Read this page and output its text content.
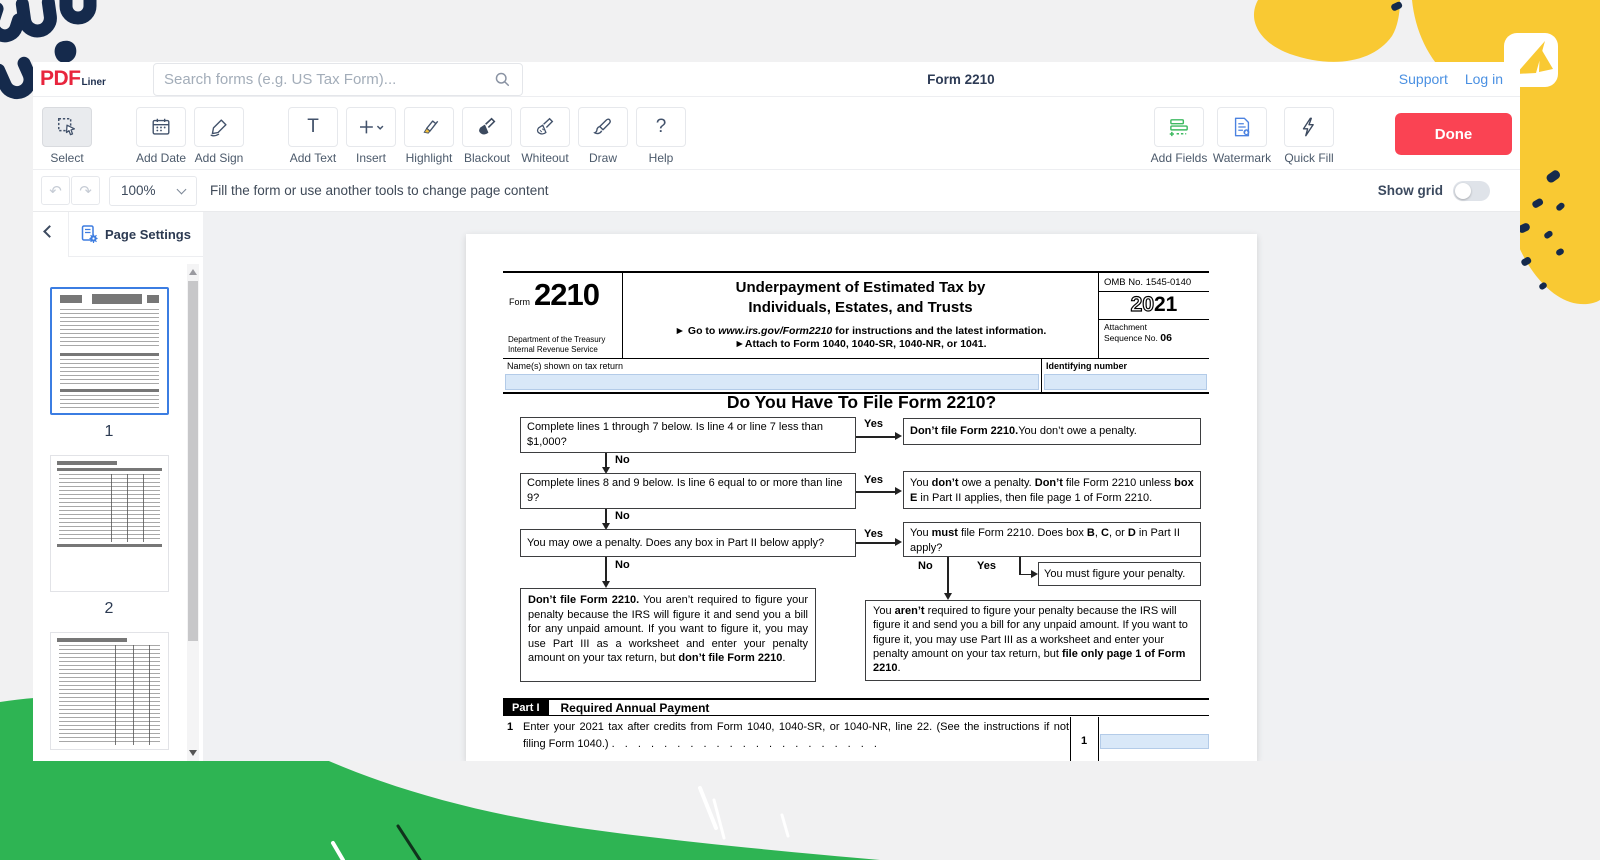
PDF Liner
Search forms (e.g. US Tax Form)...	Form 2210	Support Log in
Select	Add Date Add Sign
T
Add Text Insert Highlight Blackout Whiteout Draw
?
Help	Add Fields Watermark Quick Fill
Done
↶ ↷ 100%	Fill the form or use another tools to change page content	Show grid
Page Settings
1
2
Form 2210
Department of the Treasury
Internal Revenue Service
Underpayment of Estimated Tax by
Individuals, Estates, and Trusts
► Go to www.irs.gov/Form2210 for instructions and the latest information.
►Attach to Form 1040, 1040-SR, 1040-NR, or 1041.
OMB No. 1545-0140
2021
Attachment
Sequence No. 06
Name(s) shown on tax return	Identifying number
Do You Have To File Form 2210?
Complete lines 1 through 7 below. Is line 4 or line 7 less than $1,000?
Yes
Don’t file Form 2210. You don’t owe a penalty.
No
Complete lines 8 and 9 below. Is line 6 equal to or more than line 9?
Yes	You don’t owe a penalty. Don’t file Form 2210 unless box E in Part II applies, then file page 1 of Form 2210.
No
You may owe a penalty. Does any box in Part II below apply?
Yes	You must file Form 2210. Does box B, C, or D in Part II apply?
No	No	Yes
You must figure your penalty.
Don’t file Form 2210. You aren’t required to figure your penalty because the IRS will figure it and send you a bill for any unpaid amount. If you want to figure it, you may use Part III as a worksheet and enter your penalty amount on your tax return, but don’t file Form 2210.
You aren’t required to figure your penalty because the IRS will figure it and send you a bill for any unpaid amount. If you want to figure it, you may use Part III as a worksheet and enter your penalty amount on your tax return, but file only page 1 of Form 2210.
Part I	Required Annual Payment
1 Enter your 2021 tax after credits from Form 1040, 1040-SR, or 1040-NR, line 22. (See the instructions if not filing Form 1040.) . . . . . . . . . . . . . . . . . . . . .	1
